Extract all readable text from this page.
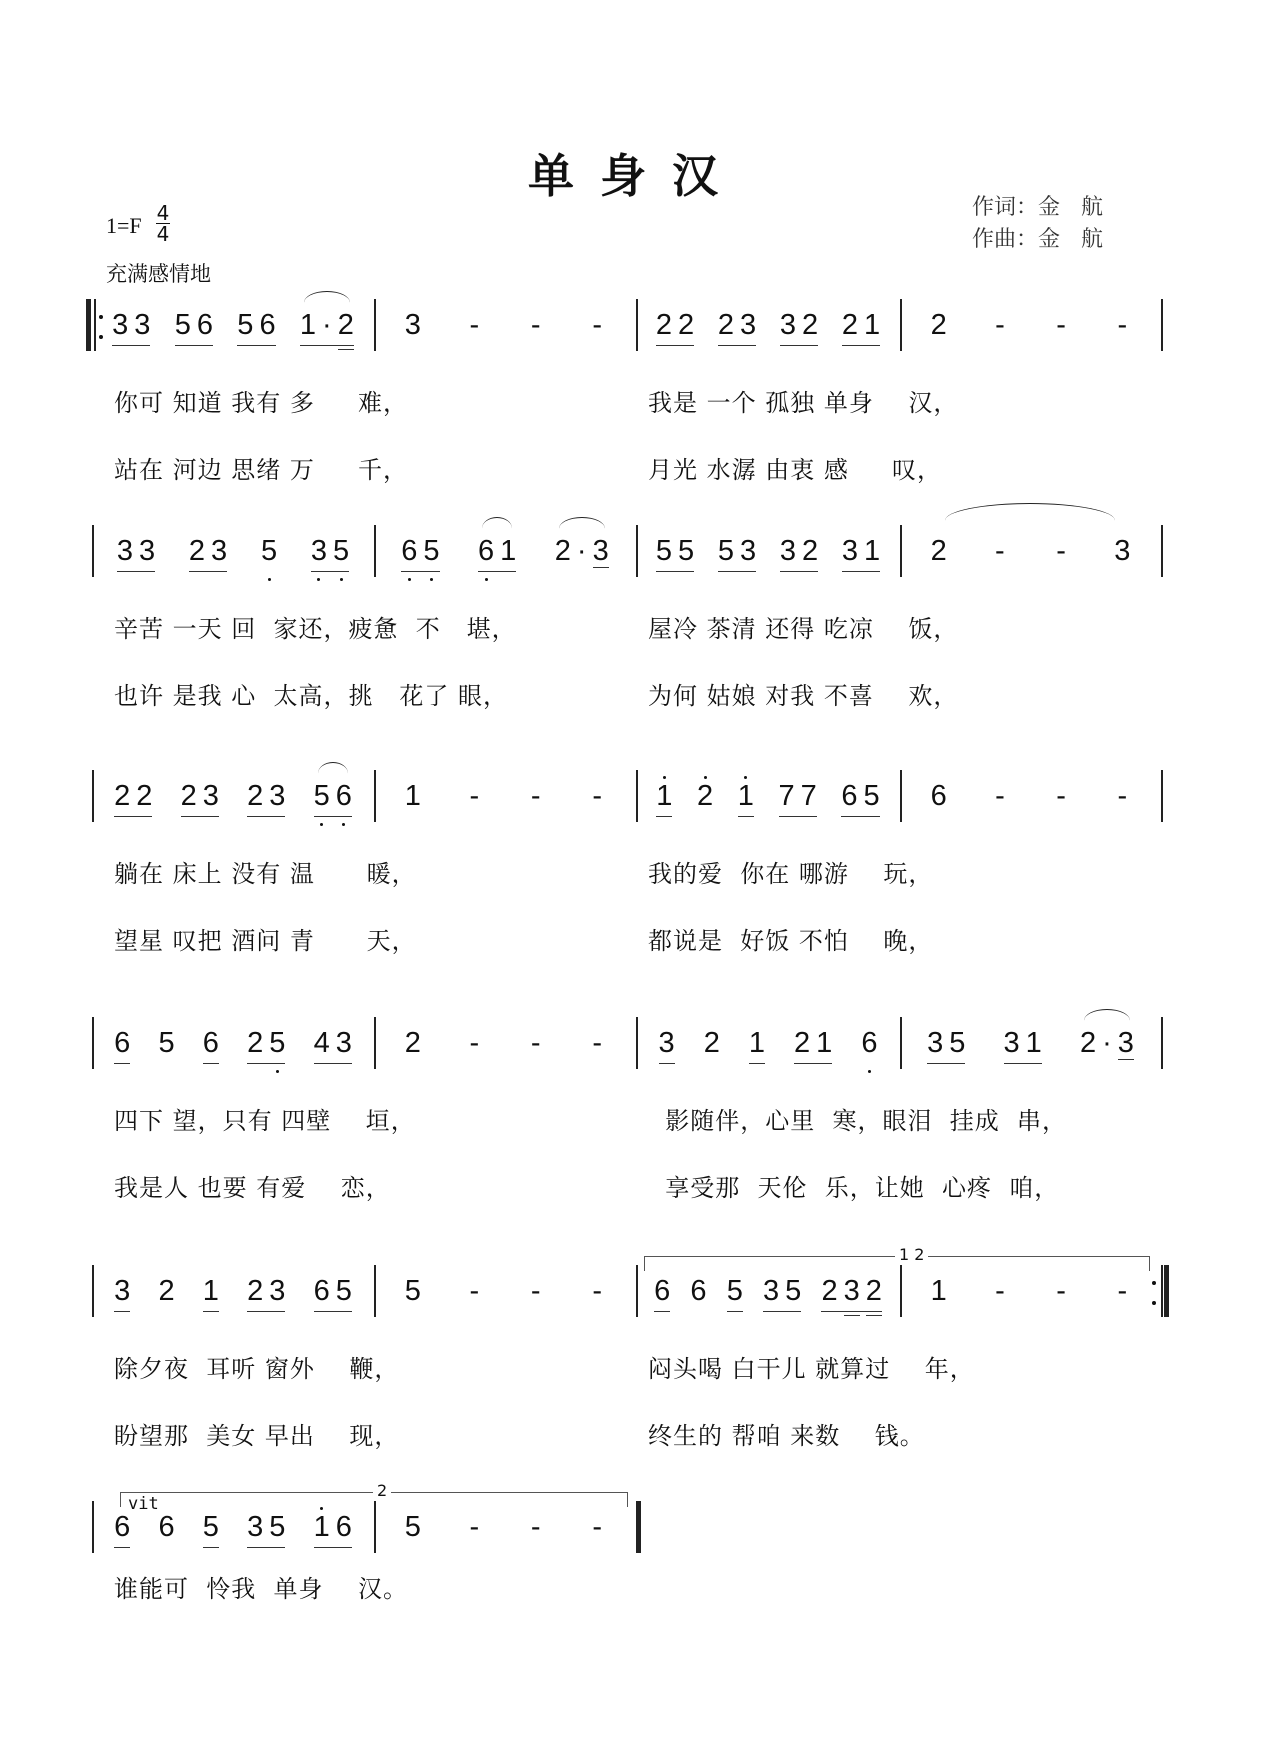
单身汉
作词：金   航
作曲：金   航
1=F 4
4
充满感情地
3 3 5 6 5 6 1 · 2 3 - - - 2 2 2 3 3 2 2 1 2 - - -
你可 知道 我有 多     难，	我是 一个 孤独 单身    汉，
站在 河边 思绪 万     千，	月光 水潺 由衷 感     叹，
3 3 2 3 5 3 5 6 5 6 1 2 · 3 5 5 5 3 3 2 3 1 2 - - 3
辛苦 一天 回  家还，疲惫  不   堪，	屋冷 茶清 还得 吃凉    饭，
也许 是我 心  太高，挑   花了 眼，	为何 姑娘 对我 不喜    欢，
2 2 2 3 2 3 5 6 1 - - - 1 2 1 7 7 6 5 6 - - -
躺在 床上 没有 温      暖，	我的爱  你在 哪游    玩，
望星 叹把 酒问 青      天，	都说是  好饭 不怕    晚，
6 5 6 2 5 4 3 2 - - - 3 2 1 2 1 6 3 5 3 1 2 · 3
四下 望，只有 四壁    垣，	影随伴，心里  寒，眼泪  挂成  串，
我是人 也要 有爱    恋，	享受那  天伦  乐，让她  心疼  咱，
3 2 1 2 3 6 5 5 - - - 6 6 5 3 5 2 3 2 1 - - -
除夕夜  耳听 窗外    鞭，	闷头喝 白干儿 就算过    年，
盼望那  美女 早出    现，	终生的 帮咱 来数    钱。
6 6 5 3 5 1 6 5 - - -
谁能可  怜我  单身    汉。
1 2
2
vit
